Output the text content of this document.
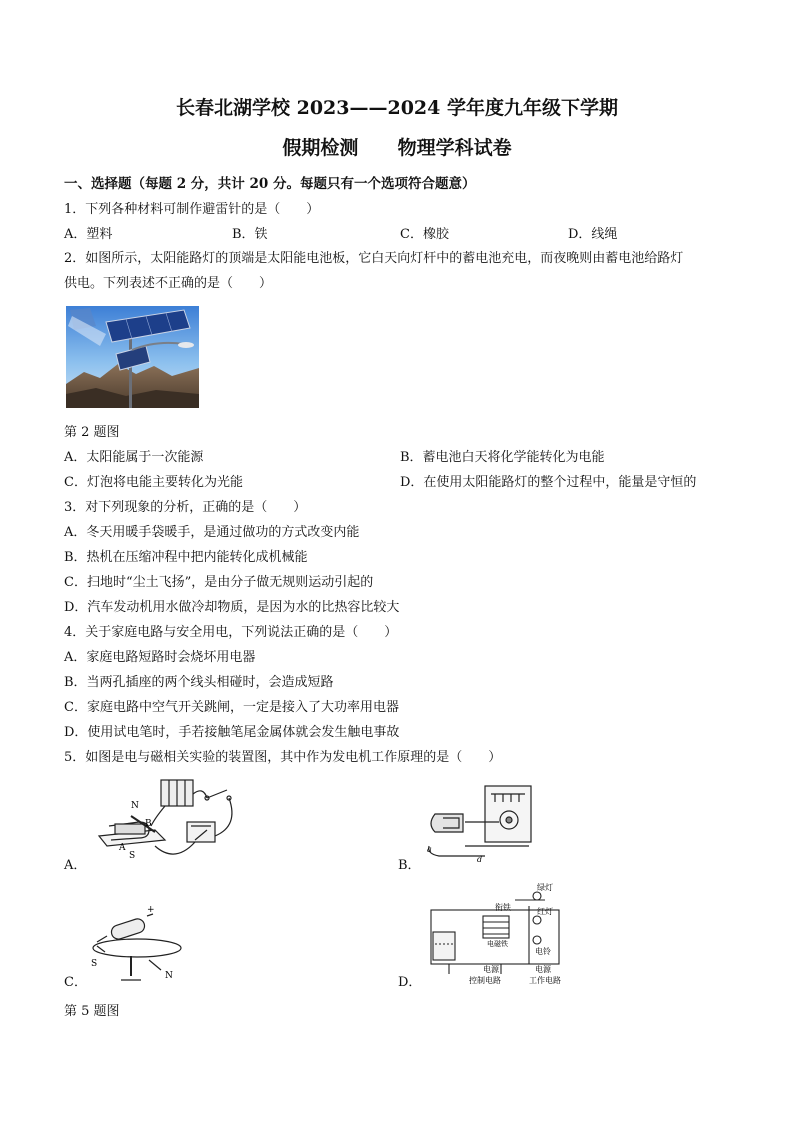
长春北湖学校 2023——2024 学年度九年级下学期
假期检测 物理学科试卷
一、选择题（每题 2 分，共计 20 分。每题只有一个选项符合题意）
1．下列各种材料可制作避雷针的是（　　）
A．塑料	B．铁	C．橡胶	D．线绳
2．如图所示，太阳能路灯的顶端是太阳能电池板，它白天向灯杆中的蓄电池充电，而夜晚则由蓄电池给路灯
供电。下列表述不正确的是（　　）
第 2 题图
A．太阳能属于一次能源	B．蓄电池白天将化学能转化为电能
C．灯泡将电能主要转化为光能	D．在使用太阳能路灯的整个过程中，能量是守恒的
3．对下列现象的分析，正确的是（　　）
A．冬天用暖手袋暖手，是通过做功的方式改变内能
B．热机在压缩冲程中把内能转化成机械能
C．扫地时“尘土飞扬”，是由分子做无规则运动引起的
D．汽车发动机用水做冷却物质，是因为水的比热容比较大
4．关于家庭电路与安全用电，下列说法正确的是（　　）
A．家庭电路短路时会烧坏用电器
B．当两孔插座的两个线头相碰时，会造成短路
C．家庭电路中空气开关跳闸，一定是接入了大功率用电器
D．使用试电笔时，手若接触笔尾金属体就会发生触电事故
5．如图是电与磁相关实验的装置图，其中作为发电机工作原理的是（　　）
N
B
A
S
A．
a
d
B．
+
S
N
C．
绿灯
衔铁	红灯
电磁铁
电铃
电源
控制电路
电源
工作电路
D．
第 5 题图
